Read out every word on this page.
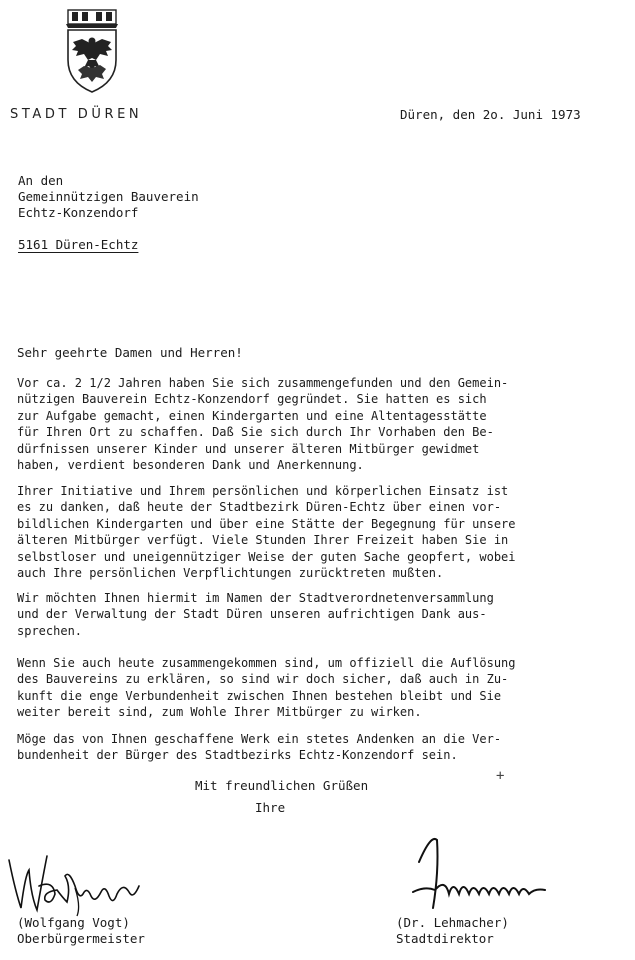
STADT DÜREN	Düren, den 2o. Juni 1973
An den
Gemeinnützigen Bauverein
Echtz-Konzendorf
5161 Düren-Echtz
Sehr geehrte Damen und Herren!
Vor ca. 2 1/2 Jahren haben Sie sich zusammengefunden und den Gemein-
nützigen Bauverein Echtz-Konzendorf gegründet. Sie hatten es sich
zur Aufgabe gemacht, einen Kindergarten und eine Altentagesstätte
für Ihren Ort zu schaffen. Daß Sie sich durch Ihr Vorhaben den Be-
dürfnissen unserer Kinder und unserer älteren Mitbürger gewidmet
haben, verdient besonderen Dank und Anerkennung.
Ihrer Initiative und Ihrem persönlichen und körperlichen Einsatz ist
es zu danken, daß heute der Stadtbezirk Düren-Echtz über einen vor-
bildlichen Kindergarten und über eine Stätte der Begegnung für unsere
älteren Mitbürger verfügt. Viele Stunden Ihrer Freizeit haben Sie in
selbstloser und uneigennütziger Weise der guten Sache geopfert, wobei
auch Ihre persönlichen Verpflichtungen zurücktreten mußten.
Wir möchten Ihnen hiermit im Namen der Stadtverordnetenversammlung
und der Verwaltung der Stadt Düren unseren aufrichtigen Dank aus-
sprechen.
Wenn Sie auch heute zusammengekommen sind, um offiziell die Auflösung
des Bauvereins zu erklären, so sind wir doch sicher, daß auch in Zu-
kunft die enge Verbundenheit zwischen Ihnen bestehen bleibt und Sie
weiter bereit sind, zum Wohle Ihrer Mitbürger zu wirken.
Möge das von Ihnen geschaffene Werk ein stetes Andenken an die Ver-
bundenheit der Bürger des Stadtbezirks Echtz-Konzendorf sein.
Mit freundlichen Grüßen
Ihre
+
(Wolfgang Vogt)
Oberbürgermeister
(Dr. Lehmacher)
Stadtdirektor
